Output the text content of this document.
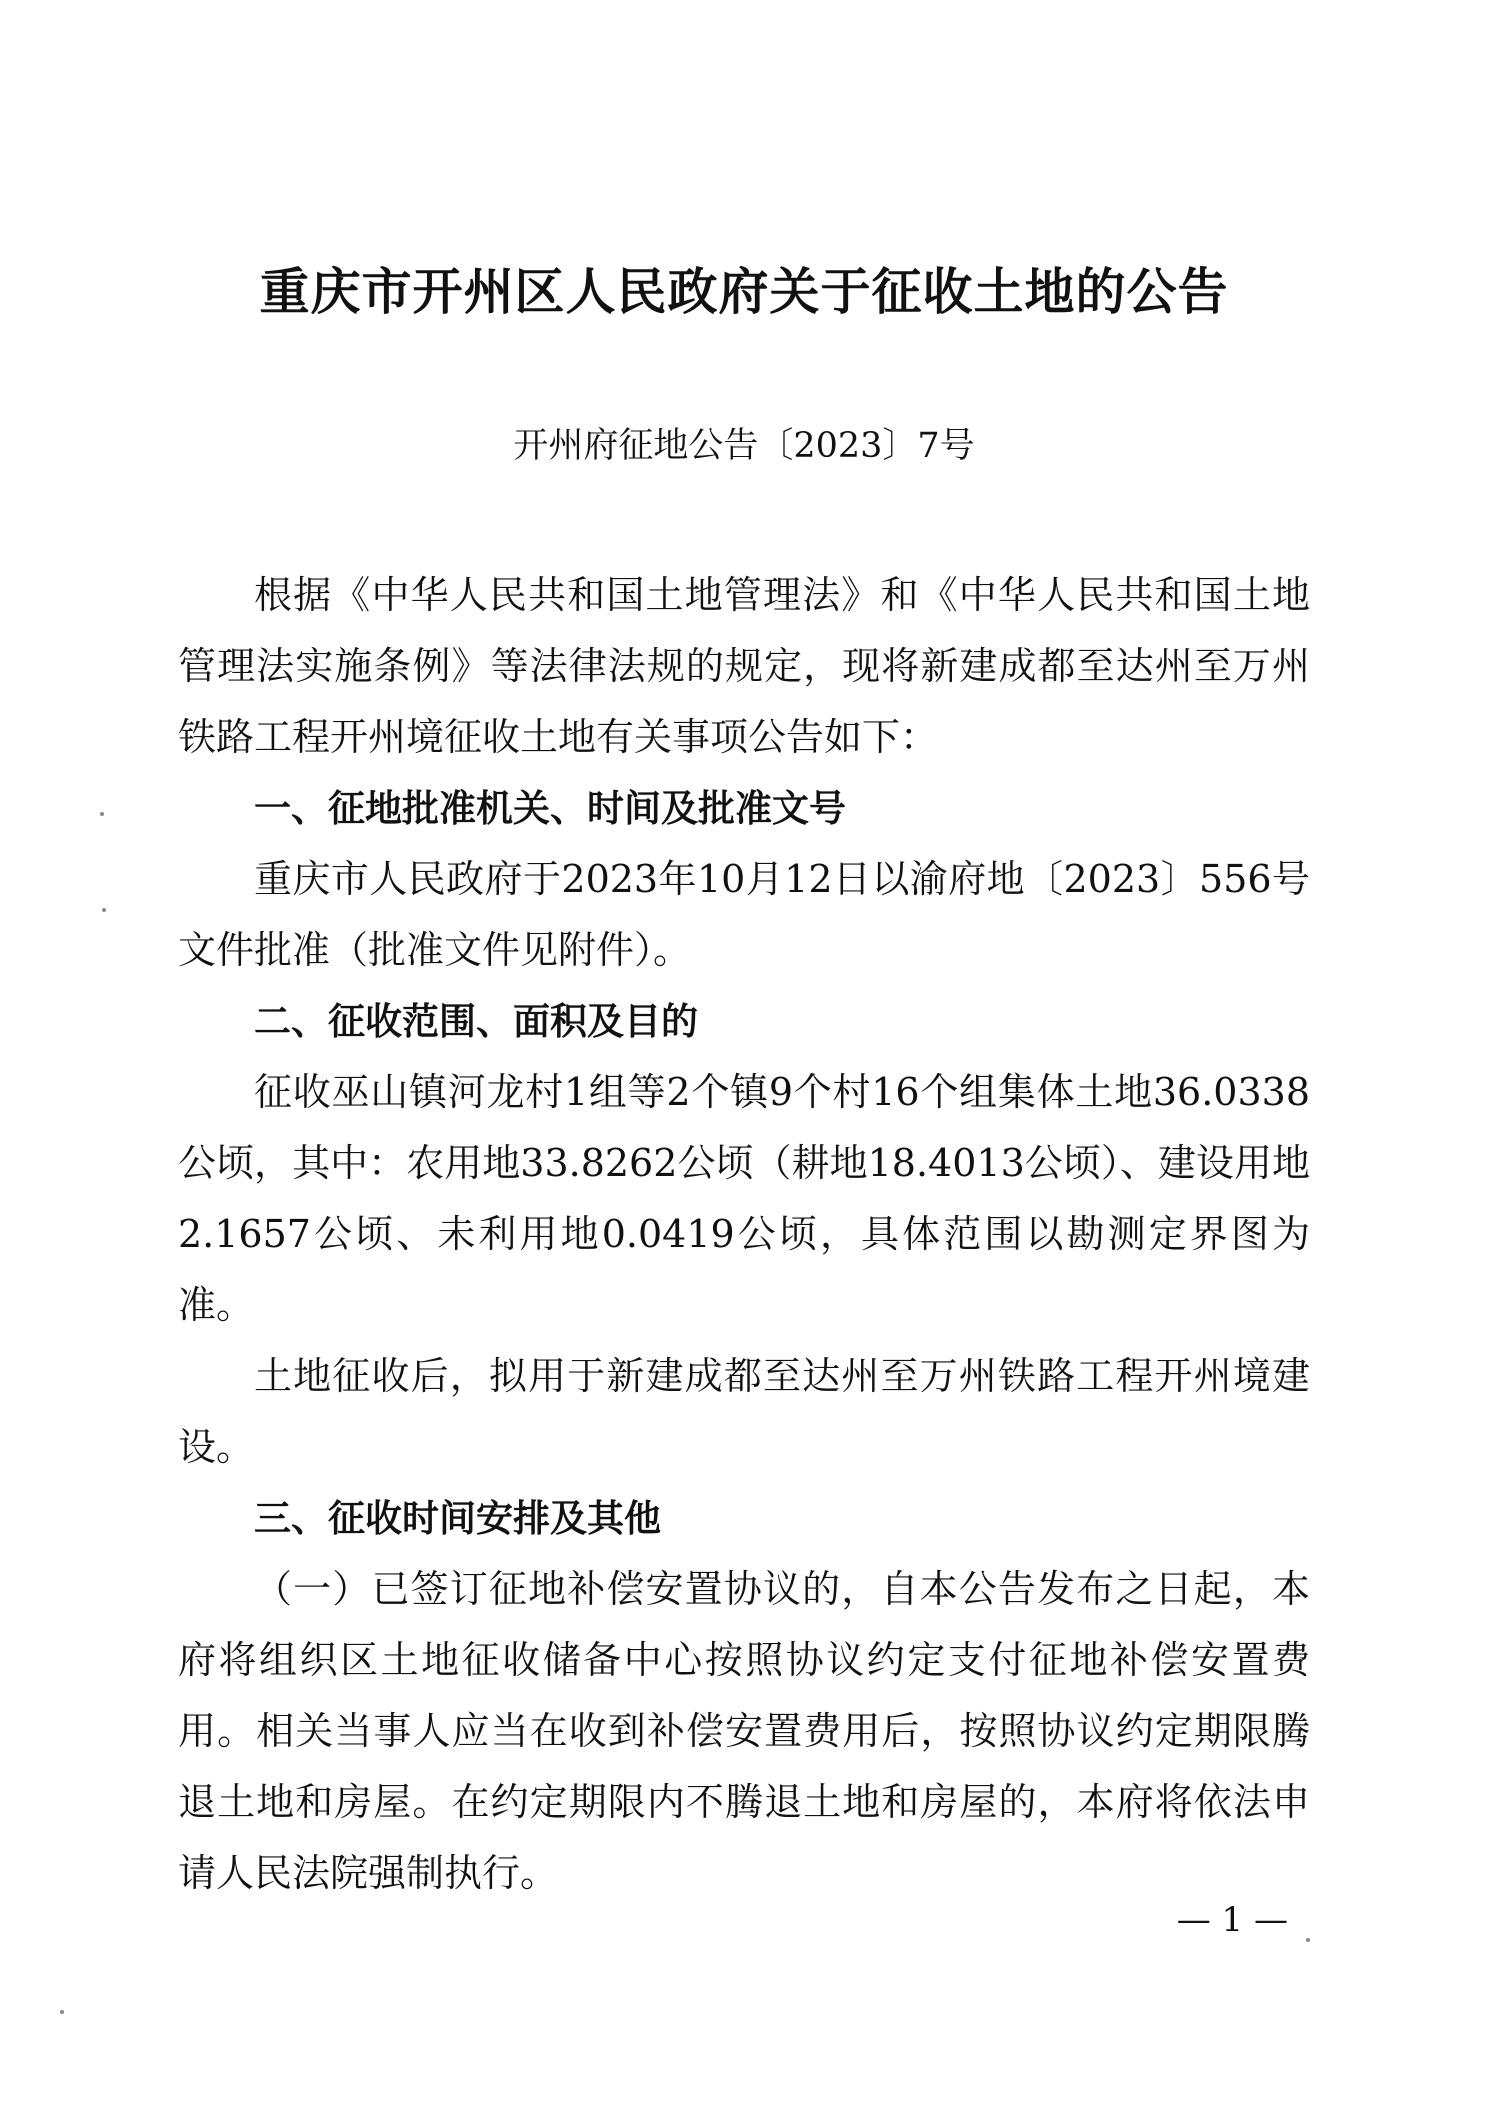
重庆市开州区人民政府关于征收土地的公告

开州府征地公告〔2023〕7号

根据《中华人民共和国土地管理法》和《中华人民共和国土地管理法实施条例》等法律法规的规定，现将新建成都至达州至万州铁路工程开州境征收土地有关事项公告如下：

一、征地批准机关、时间及批准文号

重庆市人民政府于2023年10月12日以渝府地〔2023〕556号文件批准（批准文件见附件）。

二、征收范围、面积及目的

征收巫山镇河龙村1组等2个镇9个村16个组集体土地36.0338公顷，其中：农用地33.8262公顷（耕地18.4013公顷）、建设用地2.1657公顷、未利用地0.0419公顷，具体范围以勘测定界图为准。

土地征收后，拟用于新建成都至达州至万州铁路工程开州境建设。

三、征收时间安排及其他

（一）已签订征地补偿安置协议的，自本公告发布之日起，本府将组织区土地征收储备中心按照协议约定支付征地补偿安置费用。相关当事人应当在收到补偿安置费用后，按照协议约定期限腾退土地和房屋。在约定期限内不腾退土地和房屋的，本府将依法申请人民法院强制执行。

— 1 —
